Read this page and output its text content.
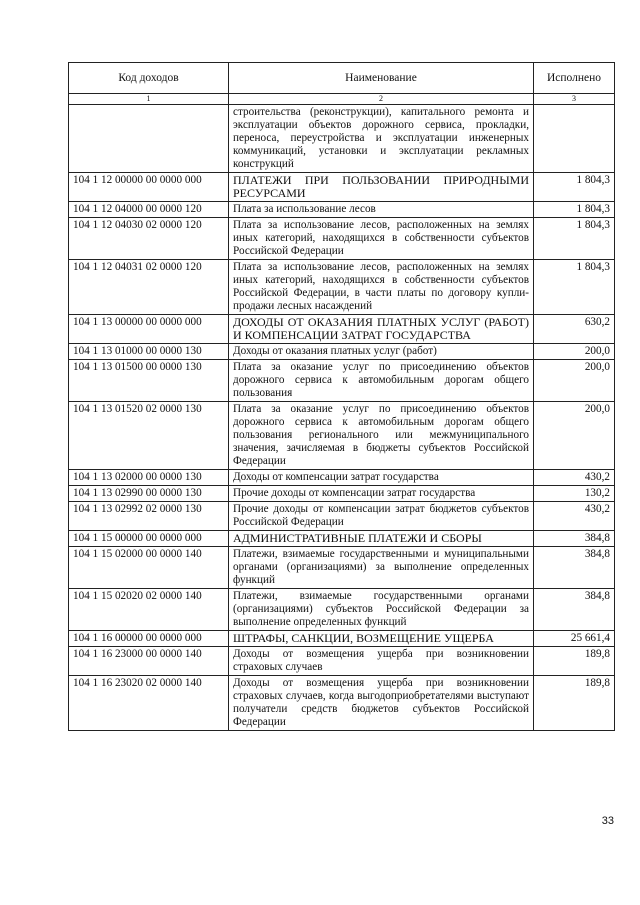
Код доходов	Наименование	Исполнено
1	2	3
	строительства (реконструкции), капитального ремонта и эксплуатации объектов дорожного сервиса, прокладки, переноса, переустройства и эксплуатации инженерных коммуникаций, установки и эксплуатации рекламных конструкций	
104 1 12 00000 00 0000 000	ПЛАТЕЖИ ПРИ ПОЛЬЗОВАНИИ ПРИРОДНЫМИ РЕСУРСАМИ	1 804,3
104 1 12 04000 00 0000 120	Плата за использование лесов	1 804,3
104 1 12 04030 02 0000 120	Плата за использование лесов, расположенных на землях иных категорий, находящихся в собственности субъектов Российской Федерации	1 804,3
104 1 12 04031 02 0000 120	Плата за использование лесов, расположенных на землях иных категорий, находящихся в собственности субъектов Российской Федерации, в части платы по договору купли-продажи лесных насаждений	1 804,3
104 1 13 00000 00 0000 000	ДОХОДЫ ОТ ОКАЗАНИЯ ПЛАТНЫХ УСЛУГ (РАБОТ) И КОМПЕНСАЦИИ ЗАТРАТ ГОСУДАРСТВА	630,2
104 1 13 01000 00 0000 130	Доходы от оказания платных услуг (работ)	200,0
104 1 13 01500 00 0000 130	Плата за оказание услуг по присоединению объектов дорожного сервиса к автомобильным дорогам общего пользования	200,0
104 1 13 01520 02 0000 130	Плата за оказание услуг по присоединению объектов дорожного сервиса к автомобильным дорогам общего пользования регионального или межмуниципального значения, зачисляемая в бюджеты субъектов Российской Федерации	200,0
104 1 13 02000 00 0000 130	Доходы от компенсации затрат государства	430,2
104 1 13 02990 00 0000 130	Прочие доходы от компенсации затрат государства	130,2
104 1 13 02992 02 0000 130	Прочие доходы от компенсации затрат бюджетов субъектов Российской Федерации	430,2
104 1 15 00000 00 0000 000	АДМИНИСТРАТИВНЫЕ ПЛАТЕЖИ И СБОРЫ	384,8
104 1 15 02000 00 0000 140	Платежи, взимаемые государственными и муниципальными органами (организациями) за выполнение определенных функций	384,8
104 1 15 02020 02 0000 140	Платежи, взимаемые государственными органами (организациями) субъектов Российской Федерации за выполнение определенных функций	384,8
104 1 16 00000 00 0000 000	ШТРАФЫ, САНКЦИИ, ВОЗМЕЩЕНИЕ УЩЕРБА	25 661,4
104 1 16 23000 00 0000 140	Доходы от возмещения ущерба при возникновении страховых случаев	189,8
104 1 16 23020 02 0000 140	Доходы от возмещения ущерба при возникновении страховых случаев, когда выгодоприобретателями выступают получатели средств бюджетов субъектов Российской Федерации	189,8
33
